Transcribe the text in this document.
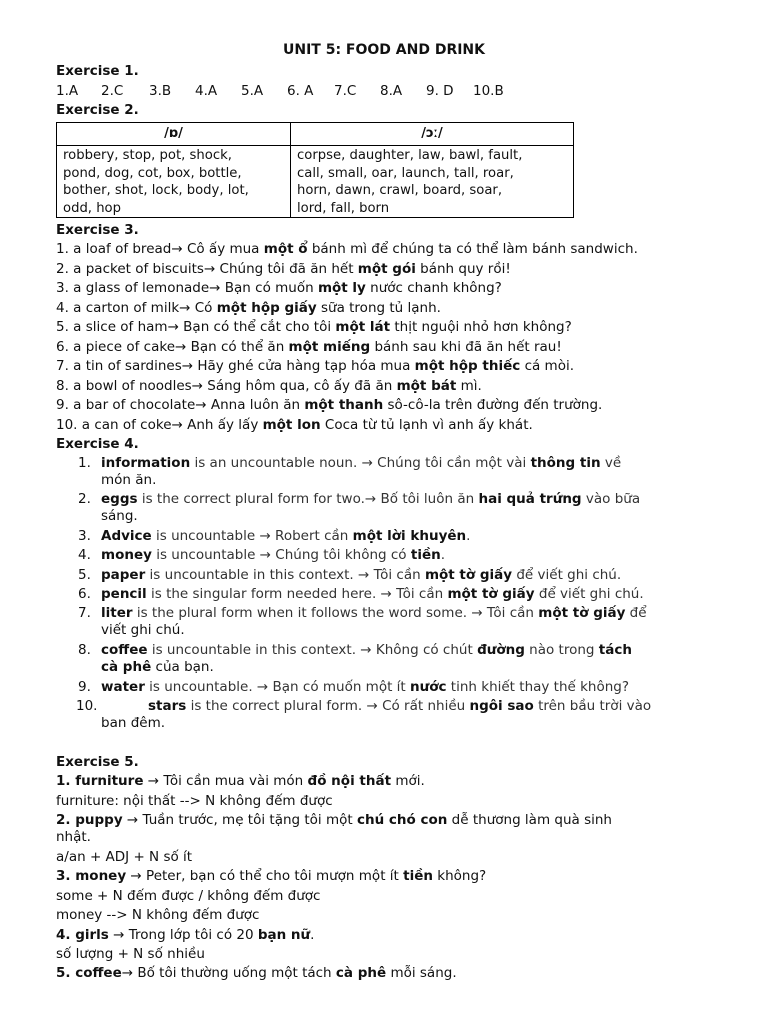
UNIT 5: FOOD AND DRINK
Exercise 1.
1.A 2.C 3.B 4.A 5.A 6. A 7.C 8.A 9. D 10.B
Exercise 2.
/ɒ/	/ɔː/
robbery, stop, pot, shock,
pond, dog, cot, box, bottle,
bother, shot, lock, body, lot,
odd, hop
corpse, daughter, law, bawl, fault,
call, small, oar, launch, tall, roar,
horn, dawn, crawl, board, soar,
lord, fall, born
Exercise 3.
1. a loaf of bread→ Cô ấy mua một ổ bánh mì để chúng ta có thể làm bánh sandwich.
2. a packet of biscuits→ Chúng tôi đã ăn hết một gói bánh quy rồi!
3. a glass of lemonade→ Bạn có muốn một ly nước chanh không?
4. a carton of milk→ Có một hộp giấy sữa trong tủ lạnh.
5. a slice of ham→ Bạn có thể cắt cho tôi một lát thịt nguội nhỏ hơn không?
6. a piece of cake→ Bạn có thể ăn một miếng bánh sau khi đã ăn hết rau!
7. a tin of sardines→ Hãy ghé cửa hàng tạp hóa mua một hộp thiếc cá mòi.
8. a bowl of noodles→ Sáng hôm qua, cô ấy đã ăn một bát mì.
9. a bar of chocolate→ Anna luôn ăn một thanh sô-cô-la trên đường đến trường.
10. a can of coke→ Anh ấy lấy một lon Coca từ tủ lạnh vì anh ấy khát.
Exercise 4.
1. information is an uncountable noun. → Chúng tôi cần một vài thông tin về
món ăn.
2. eggs is the correct plural form for two.→ Bố tôi luôn ăn hai quả trứng vào bữa
sáng.
3. Advice is uncountable → Robert cần một lời khuyên.
4. money is uncountable → Chúng tôi không có tiền.
5. paper is uncountable in this context. → Tôi cần một tờ giấy để viết ghi chú.
6. pencil is the singular form needed here. → Tôi cần một tờ giấy để viết ghi chú.
7. liter is the plural form when it follows the word some. → Tôi cần một tờ giấy để
viết ghi chú.
8. coffee is uncountable in this context. → Không có chút đường nào trong tách
cà phê của bạn.
9. water is uncountable. → Bạn có muốn một ít nước tinh khiết thay thế không?
10.	stars is the correct plural form. → Có rất nhiều ngôi sao trên bầu trời vào
ban đêm.
Exercise 5.
1. furniture → Tôi cần mua vài món đồ nội thất mới.
furniture: nội thất --> N không đếm được
2. puppy → Tuần trước, mẹ tôi tặng tôi một chú chó con dễ thương làm quà sinh
nhật.
a/an + ADJ + N số ít
3. money → Peter, bạn có thể cho tôi mượn một ít tiền không?
some + N đếm được / không đếm được
money --> N không đếm được
4. girls → Trong lớp tôi có 20 bạn nữ.
số lượng + N số nhiều
5. coffee→ Bố tôi thường uống một tách cà phê mỗi sáng.
